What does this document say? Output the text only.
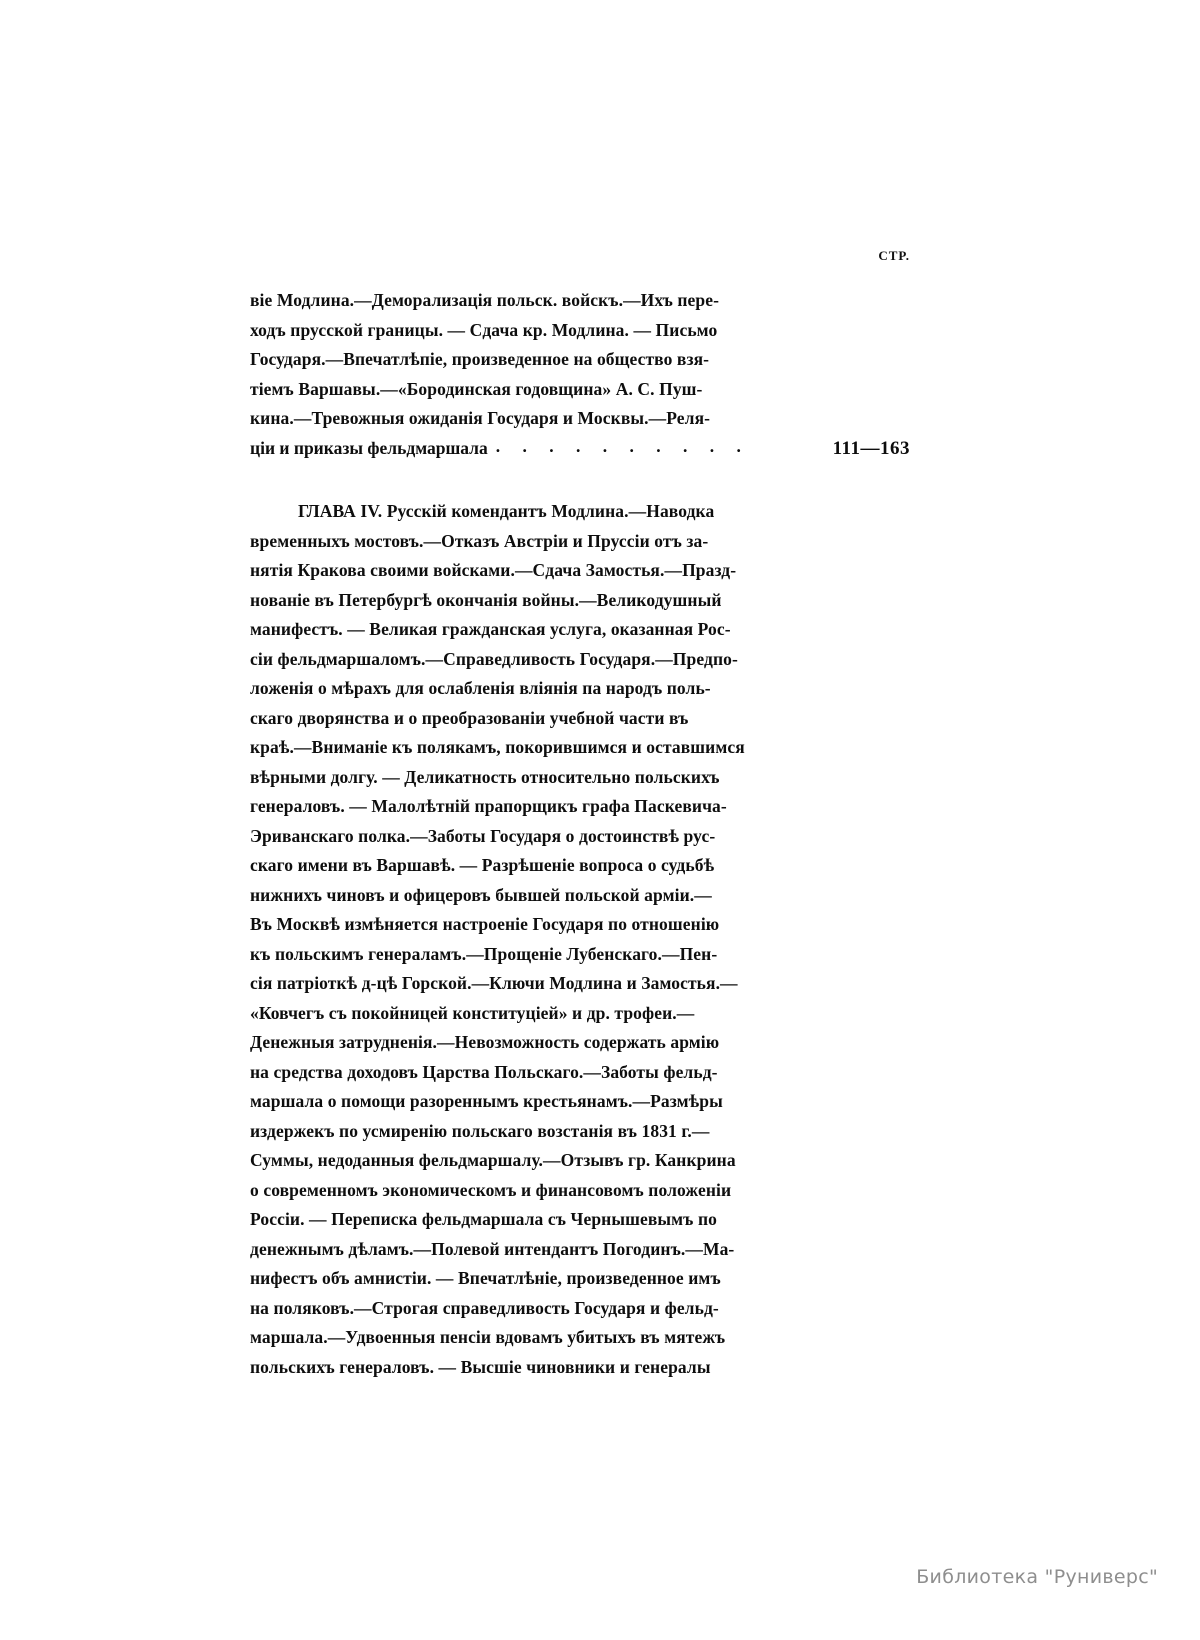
СТР.

вie Модлина.—Деморализація польск. войскъ.—Ихъ пере-

ходъ прусской границы. — Сдача кр. Модлина. — Письмо

Государя.—Впечатлѣпіе, произведенное на общество взя-

тіемъ Варшавы.—«Бородинская годовщина» А. С. Пуш-

кина.—Тревожныя ожиданія Государя и Москвы.—Реля-

ціи и приказы фельдмаршала . . . . . . . . . .	111—163

ГЛАВА IV. Русскій комендантъ Модлина.—Наводка

временныхъ мостовъ.—Отказъ Австріи и Пруссіи отъ за-

нятія Кракова своими войсками.—Сдача Замостья.—Празд-

нованіе въ Петербургѣ окончанія войны.—Великодушный

манифестъ. — Великая гражданская услуга, оказанная Рос-

сіи фельдмаршаломъ.—Справедливость Государя.—Предпо-

ложенія о мѣрахъ для ослабленія вліянія па народъ поль-

скаго дворянства и о преобразованіи учебной части въ

краѣ.—Вниманіе къ полякамъ, покорившимся и оставшимся

вѣрными долгу. — Деликатность относительно польскихъ

генераловъ. — Малолѣтній прапорщикъ графа Паскевича-

Эриванскаго полка.—Заботы Государя о достоинствѣ рус-

скаго имени въ Варшавѣ. — Разрѣшеніе вопроса о судьбѣ

нижнихъ чиновъ и офицеровъ бывшей польской арміи.—

Въ Москвѣ измѣняется настроеніе Государя по отношенію

къ польскимъ генераламъ.—Прощеніе Лубенскаго.—Пен-

сія патріоткѣ д-цѣ Горской.—Ключи Модлина и Замостья.—

«Ковчегъ съ покойницей конституціей» и др. трофеи.—

Денежныя затрудненія.—Невозможность содержать армію

на средства доходовъ Царства Польскаго.—Заботы фельд-

маршала о помощи разореннымъ крестьянамъ.—Размѣры

издержекъ по усмиренію польскаго возстанія въ 1831 г.—

Суммы, недоданныя фельдмаршалу.—Отзывъ гр. Канкрина

о современномъ экономическомъ и финансовомъ положеніи

Россіи. — Переписка фельдмаршала съ Чернышевымъ по

денежнымъ дѣламъ.—Полевой интендантъ Погодинъ.—Ма-

нифестъ объ амнистіи. — Впечатлѣніе, произведенное имъ

на поляковъ.—Строгая справедливость Государя и фельд-

маршала.—Удвоенныя пенсіи вдовамъ убитыхъ въ мятежъ

польскихъ генераловъ. — Высшіе чиновники и генералы

Библиотека "Руниверс"
